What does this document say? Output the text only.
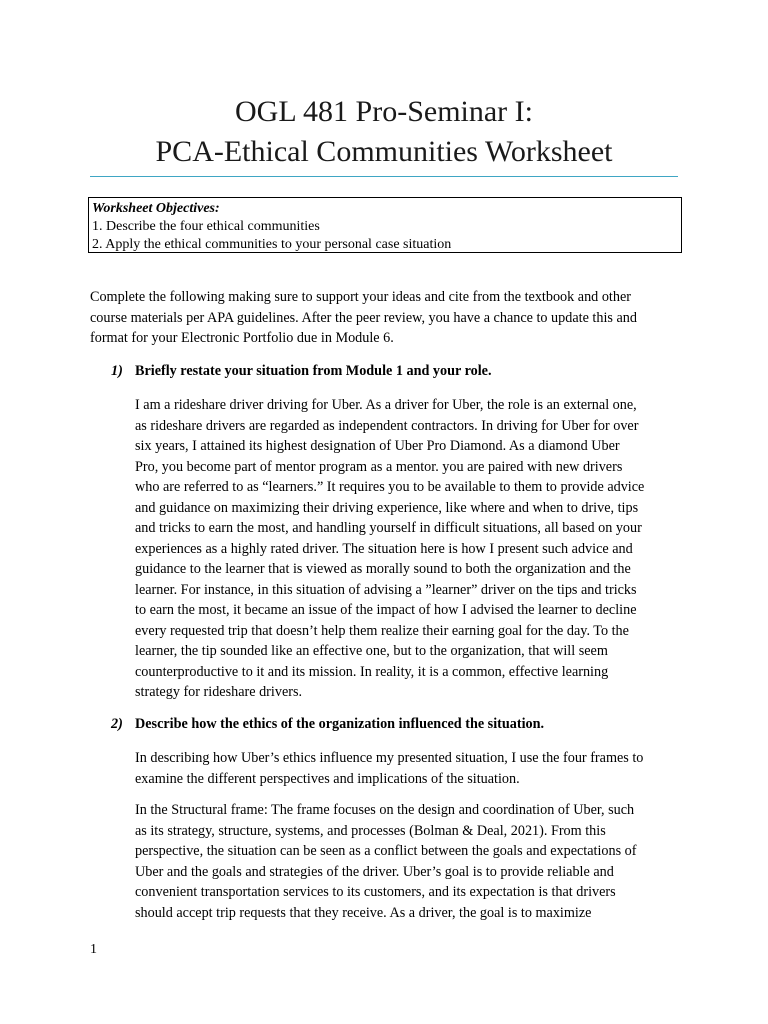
OGL 481 Pro-Seminar I:
PCA-Ethical Communities Worksheet
Worksheet Objectives:
1. Describe the four ethical communities
2. Apply the ethical communities to your personal case situation
Complete the following making sure to support your ideas and cite from the textbook and other
course materials per APA guidelines. After the peer review, you have a chance to update this and
format for your Electronic Portfolio due in Module 6.
1) Briefly restate your situation from Module 1 and your role.
I am a rideshare driver driving for Uber. As a driver for Uber, the role is an external one,
as rideshare drivers are regarded as independent contractors. In driving for Uber for over
six years, I attained its highest designation of Uber Pro Diamond. As a diamond Uber
Pro, you become part of mentor program as a mentor. you are paired with new drivers
who are referred to as “learners.” It requires you to be available to them to provide advice
and guidance on maximizing their driving experience, like where and when to drive, tips
and tricks to earn the most, and handling yourself in difficult situations, all based on your
experiences as a highly rated driver. The situation here is how I present such advice and
guidance to the learner that is viewed as morally sound to both the organization and the
learner. For instance, in this situation of advising a ”learner” driver on the tips and tricks
to earn the most, it became an issue of the impact of how I advised the learner to decline
every requested trip that doesn’t help them realize their earning goal for the day. To the
learner, the tip sounded like an effective one, but to the organization, that will seem
counterproductive to it and its mission. In reality, it is a common, effective learning
strategy for rideshare drivers.
2) Describe how the ethics of the organization influenced the situation.
In describing how Uber’s ethics influence my presented situation, I use the four frames to
examine the different perspectives and implications of the situation.
In the Structural frame: The frame focuses on the design and coordination of Uber, such
as its strategy, structure, systems, and processes (Bolman & Deal, 2021). From this
perspective, the situation can be seen as a conflict between the goals and expectations of
Uber and the goals and strategies of the driver. Uber’s goal is to provide reliable and
convenient transportation services to its customers, and its expectation is that drivers
should accept trip requests that they receive. As a driver, the goal is to maximize
1
